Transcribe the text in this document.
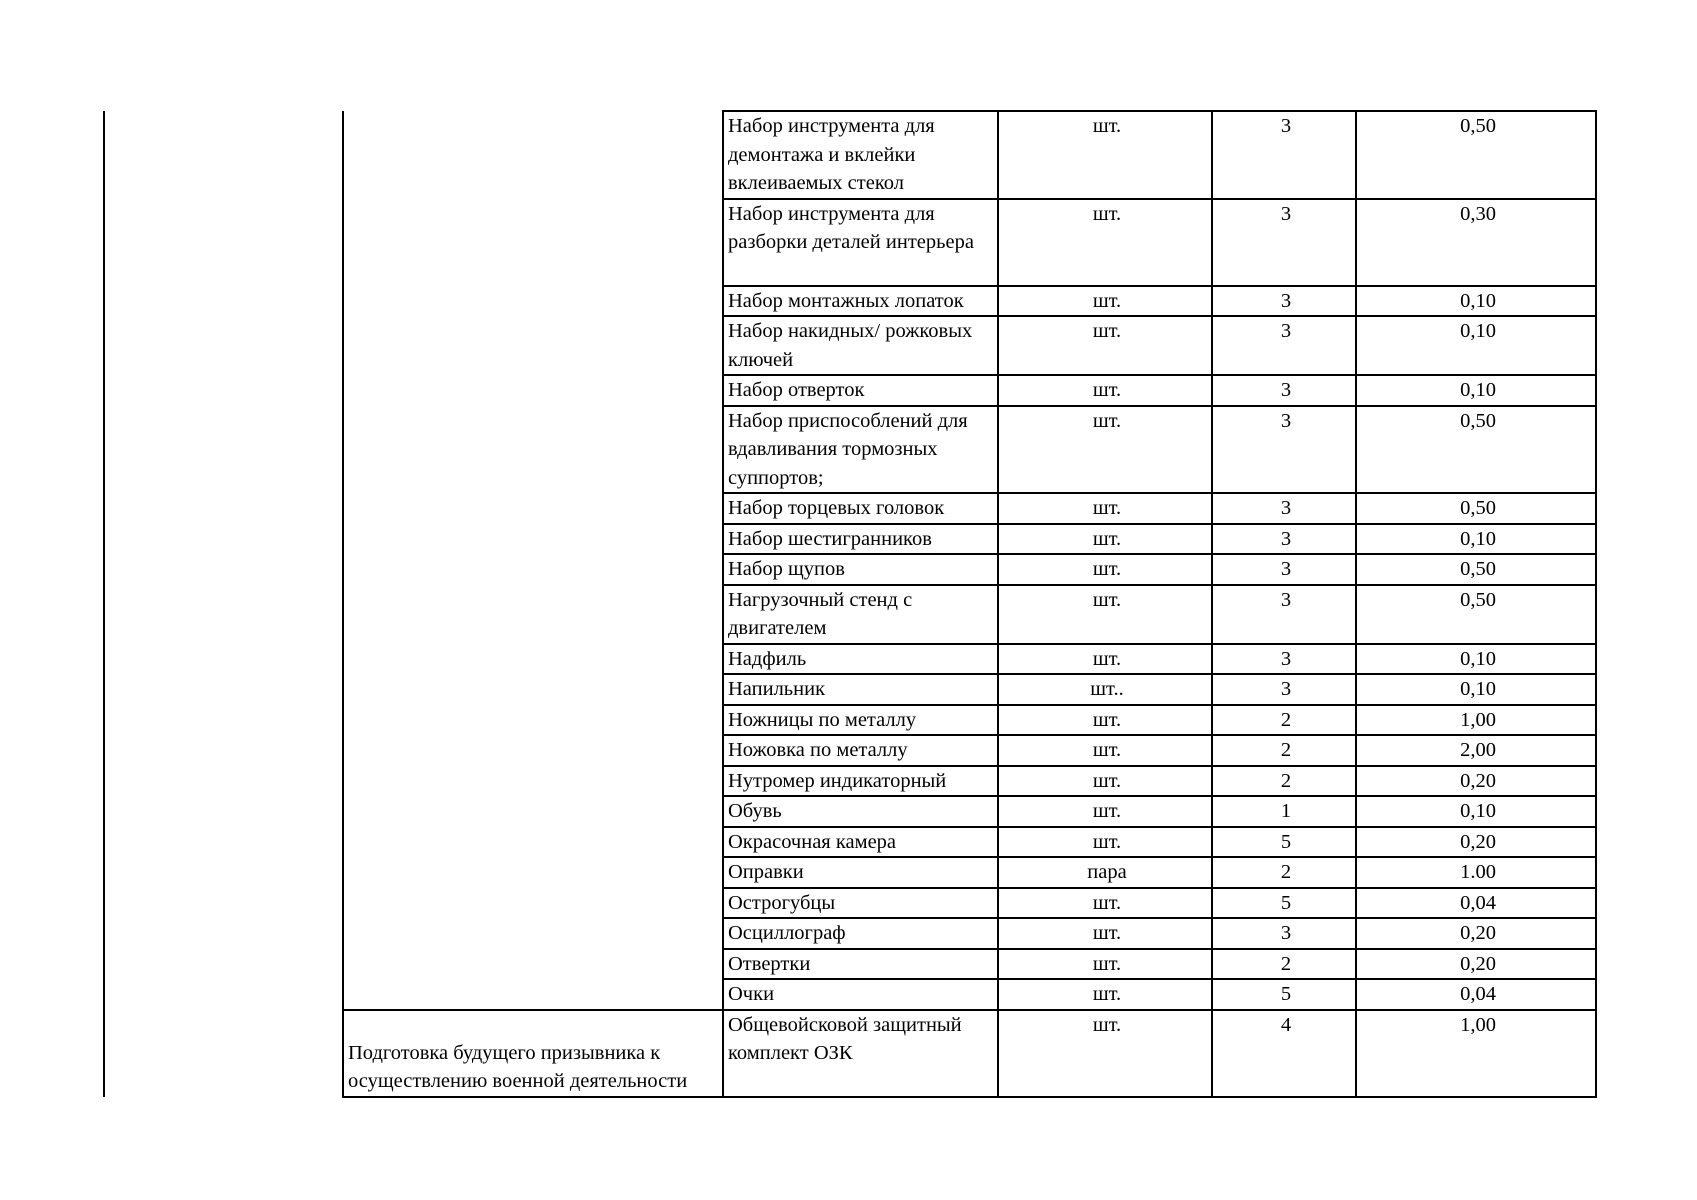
		Набор инструмента для демонтажа и вклейки вклеиваемых стекол	шт.	3	0,50
		Набор инструмента для разборки деталей интерьера	шт.	3	0,30
		Набор монтажных лопаток	шт.	3	0,10
		Набор накидных/ рожковых ключей	шт.	3	0,10
		Набор отверток	шт.	3	0,10
		Набор приспособлений для вдавливания тормозных суппортов;	шт.	3	0,50
		Набор торцевых головок	шт.	3	0,50
		Набор шестигранников	шт.	3	0,10
		Набор щупов	шт.	3	0,50
		Нагрузочный стенд с двигателем	шт.	3	0,50
		Надфиль	шт.	3	0,10
		Напильник	шт..	3	0,10
		Ножницы по металлу	шт.	2	1,00
		Ножовка по металлу	шт.	2	2,00
		Нутромер индикаторный	шт.	2	0,20
		Обувь	шт.	1	0,10
		Окрасочная камера	шт.	5	0,20
		Оправки	пара	2	1.00
		Острогубцы	шт.	5	0,04
		Осциллограф	шт.	3	0,20
		Отвертки	шт.	2	0,20
		Очки	шт.	5	0,04
	Подготовка будущего призывника к осуществлению военной деятельности	Общевойсковой защитный комплект ОЗК	шт.	4	1,00
